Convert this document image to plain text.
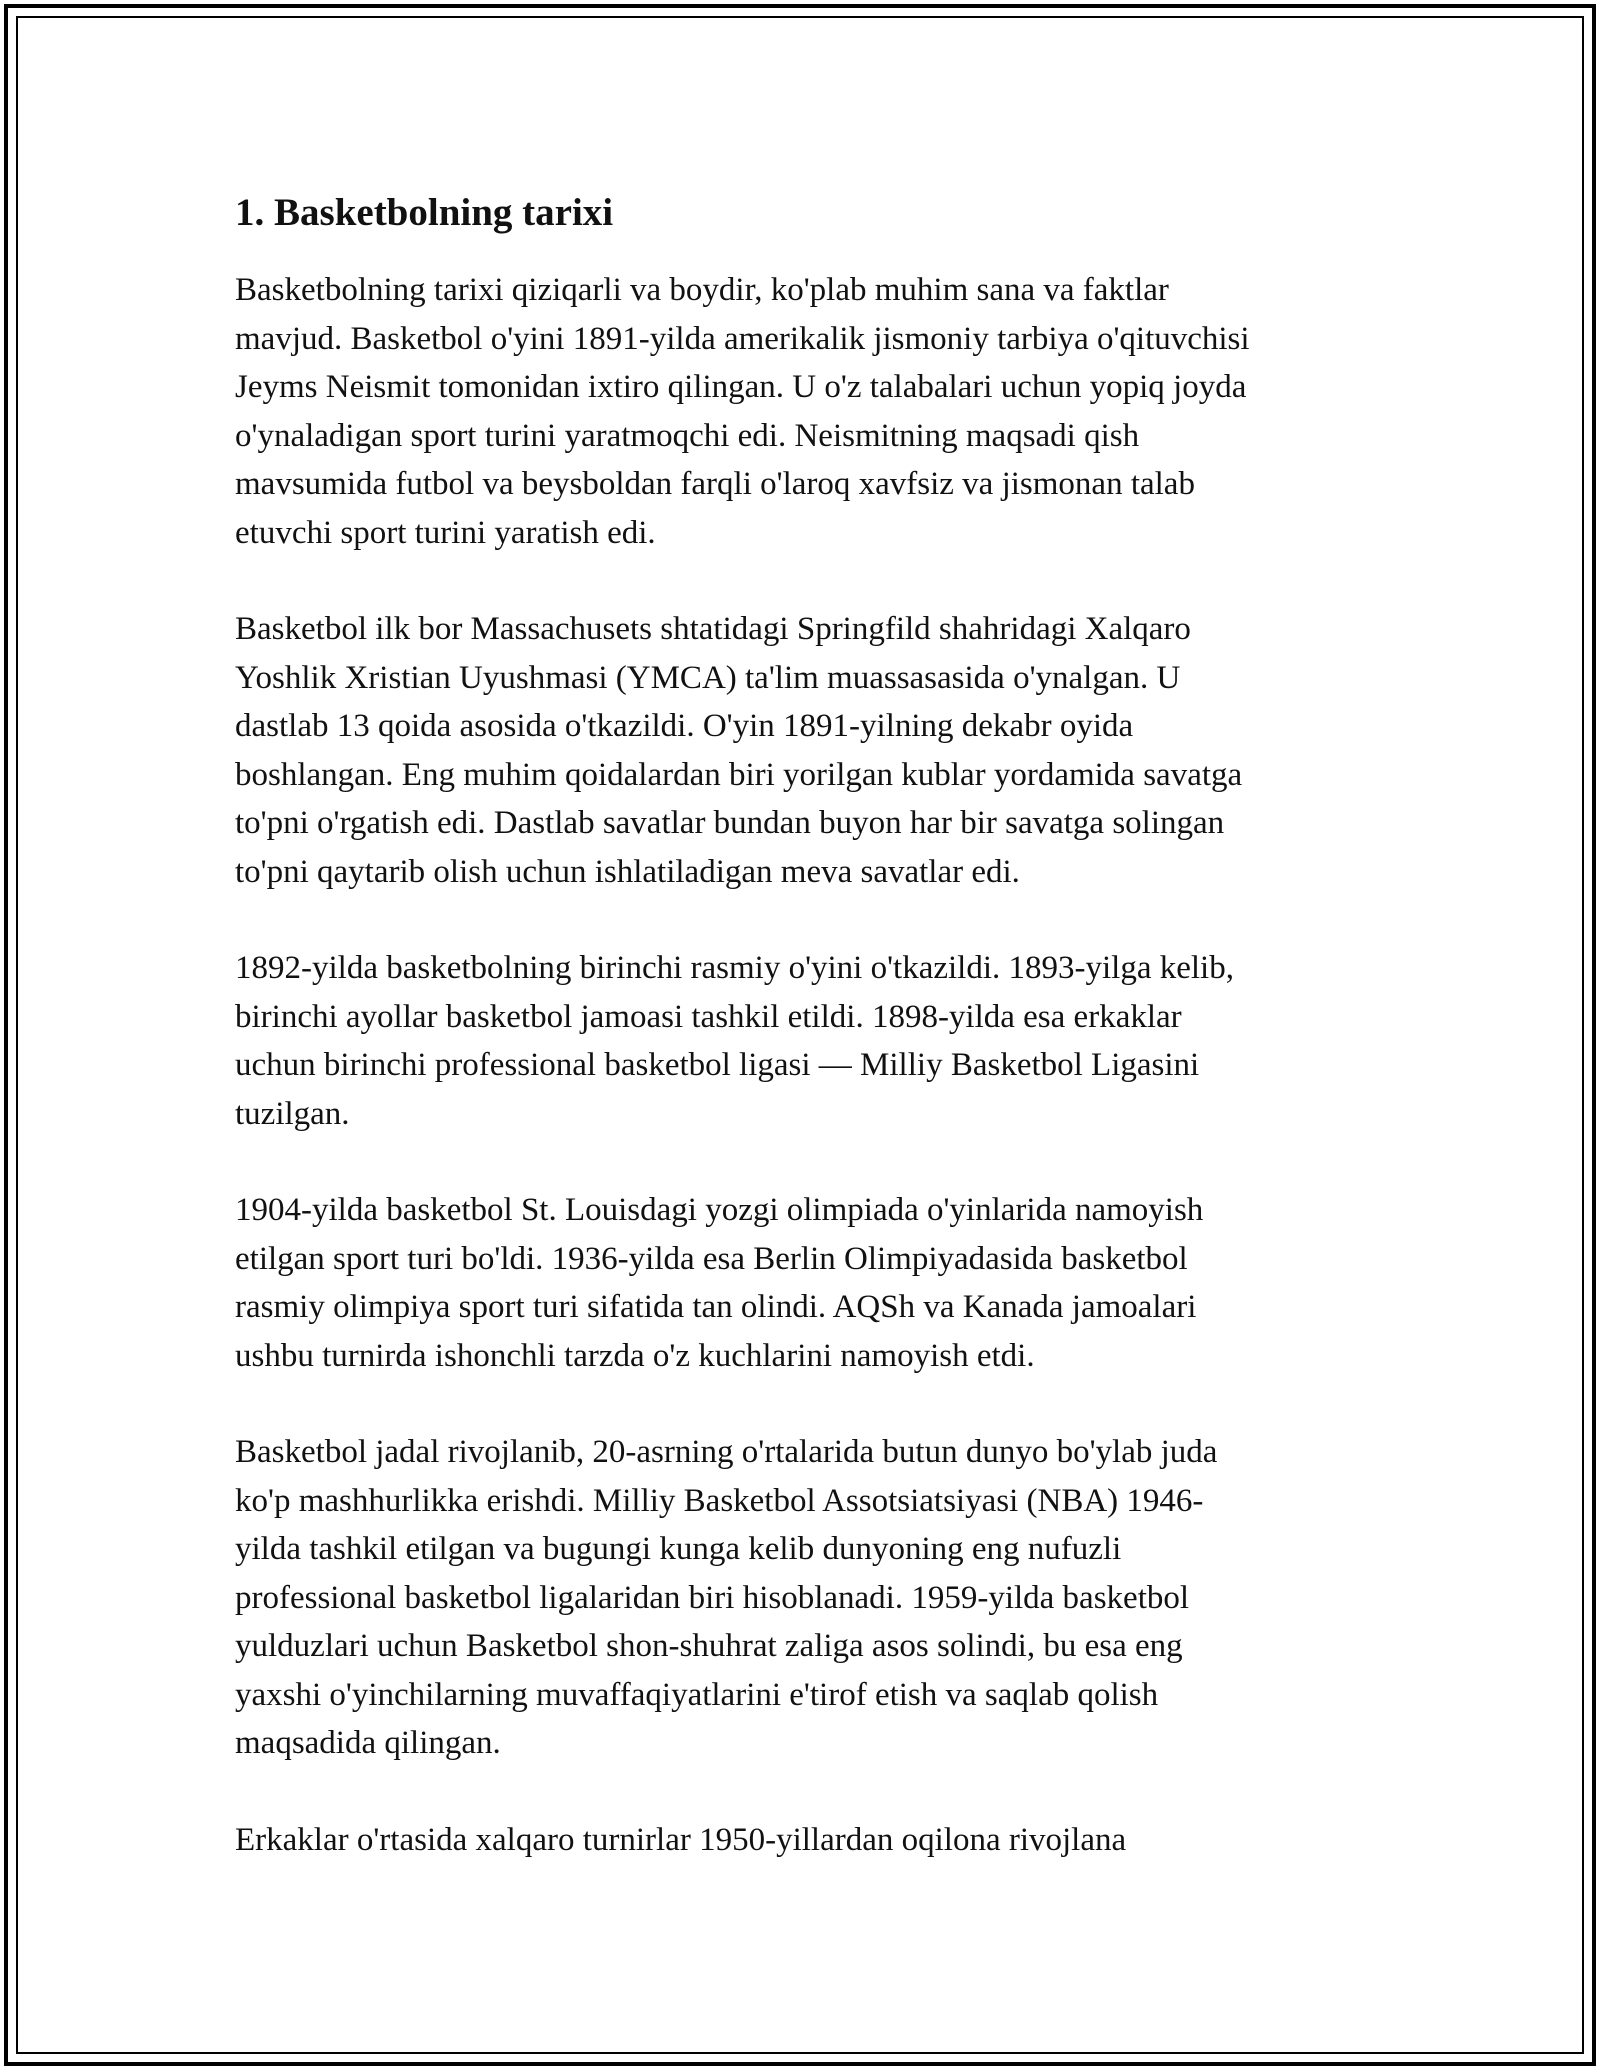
1. Basketbolning tarixi

Basketbolning tarixi qiziqarli va boydir, ko'plab muhim sana va faktlar
mavjud. Basketbol o'yini 1891-yilda amerikalik jismoniy tarbiya o'qituvchisi
Jeyms Neismit tomonidan ixtiro qilingan. U o'z talabalari uchun yopiq joyda
o'ynaladigan sport turini yaratmoqchi edi. Neismitning maqsadi qish
mavsumida futbol va beysboldan farqli o'laroq xavfsiz va jismonan talab
etuvchi sport turini yaratish edi.

Basketbol ilk bor Massachusets shtatidagi Springfild shahridagi Xalqaro
Yoshlik Xristian Uyushmasi (YMCA) ta'lim muassasasida o'ynalgan. U
dastlab 13 qoida asosida o'tkazildi. O'yin 1891-yilning dekabr oyida
boshlangan. Eng muhim qoidalardan biri yorilgan kublar yordamida savatga
to'pni o'rgatish edi. Dastlab savatlar bundan buyon har bir savatga solingan
to'pni qaytarib olish uchun ishlatiladigan meva savatlar edi.

1892-yilda basketbolning birinchi rasmiy o'yini o'tkazildi. 1893-yilga kelib,
birinchi ayollar basketbol jamoasi tashkil etildi. 1898-yilda esa erkaklar
uchun birinchi professional basketbol ligasi — Milliy Basketbol Ligasini
tuzilgan.

1904-yilda basketbol St. Louisdagi yozgi olimpiada o'yinlarida namoyish
etilgan sport turi bo'ldi. 1936-yilda esa Berlin Olimpiyadasida basketbol
rasmiy olimpiya sport turi sifatida tan olindi. AQSh va Kanada jamoalari
ushbu turnirda ishonchli tarzda o'z kuchlarini namoyish etdi.

Basketbol jadal rivojlanib, 20-asrning o'rtalarida butun dunyo bo'ylab juda
ko'p mashhurlikka erishdi. Milliy Basketbol Assotsiatsiyasi (NBA) 1946-
yilda tashkil etilgan va bugungi kunga kelib dunyoning eng nufuzli
professional basketbol ligalaridan biri hisoblanadi. 1959-yilda basketbol
yulduzlari uchun Basketbol shon-shuhrat zaliga asos solindi, bu esa eng
yaxshi o'yinchilarning muvaffaqiyatlarini e'tirof etish va saqlab qolish
maqsadida qilingan.

Erkaklar o'rtasida xalqaro turnirlar 1950-yillardan oqilona rivojlana
